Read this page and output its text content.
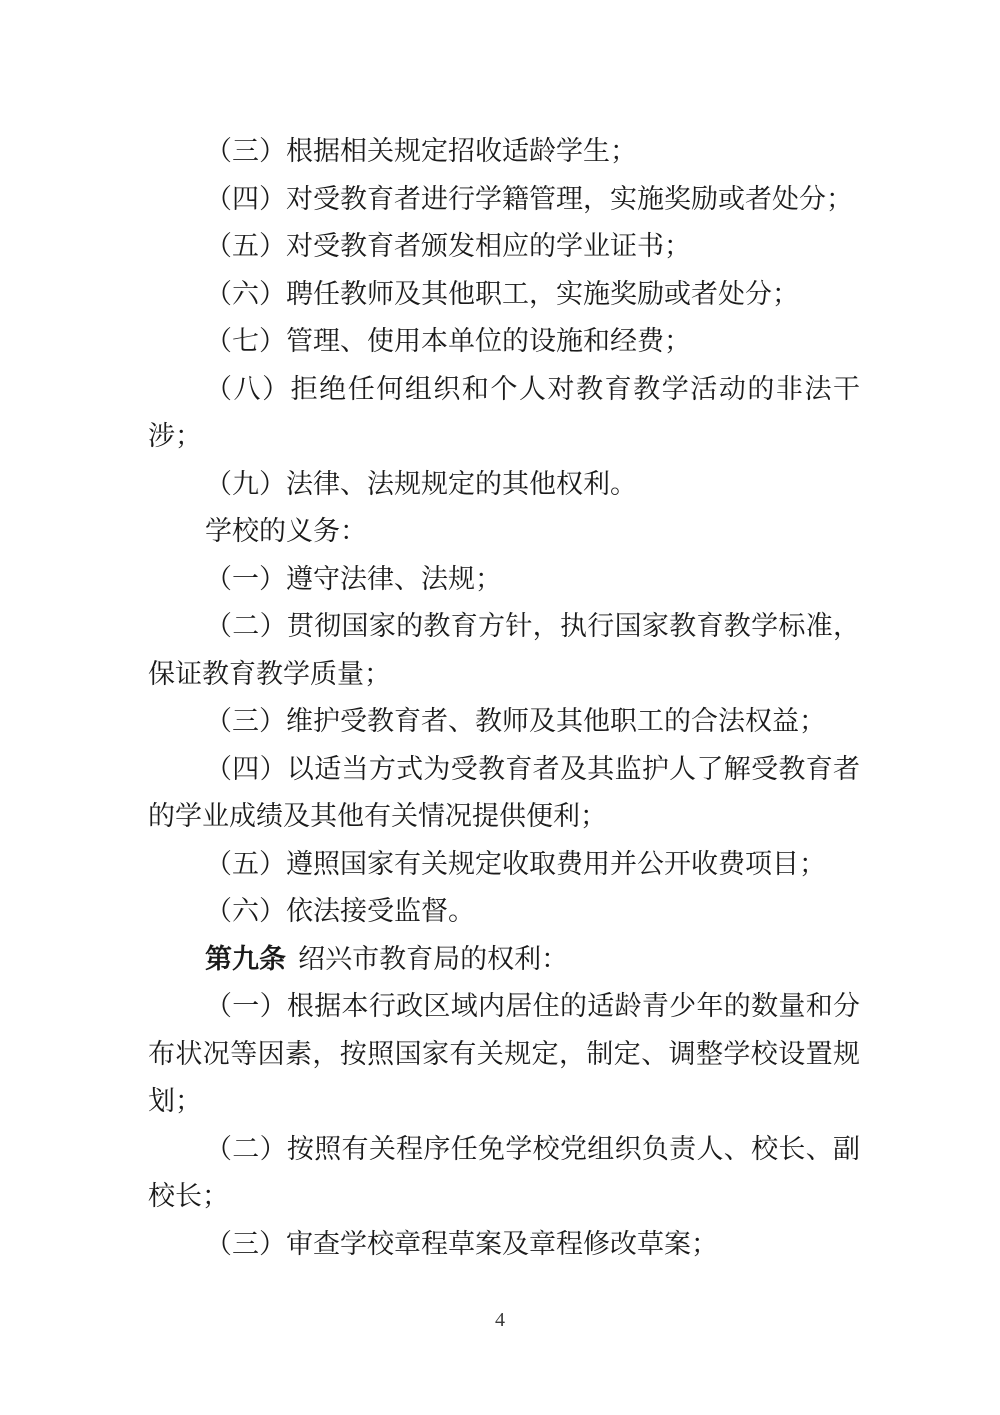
（三）根据相关规定招收适龄学生；
（四）对受教育者进行学籍管理，实施奖励或者处分；
（五）对受教育者颁发相应的学业证书；
（六）聘任教师及其他职工，实施奖励或者处分；
（七）管理、使用本单位的设施和经费；
（八）拒绝任何组织和个人对教育教学活动的非法干
涉；
（九）法律、法规规定的其他权利。
学校的义务：
（一）遵守法律、法规；
（二）贯彻国家的教育方针，执行国家教育教学标准，
保证教育教学质量；
（三）维护受教育者、教师及其他职工的合法权益；
（四）以适当方式为受教育者及其监护人了解受教育者
的学业成绩及其他有关情况提供便利；
（五）遵照国家有关规定收取费用并公开收费项目；
（六）依法接受监督。
第九条 绍兴市教育局的权利：
（一）根据本行政区域内居住的适龄青少年的数量和分
布状况等因素，按照国家有关规定，制定、调整学校设置规
划；
（二）按照有关程序任免学校党组织负责人、校长、副
校长；
（三）审查学校章程草案及章程修改草案；
4
